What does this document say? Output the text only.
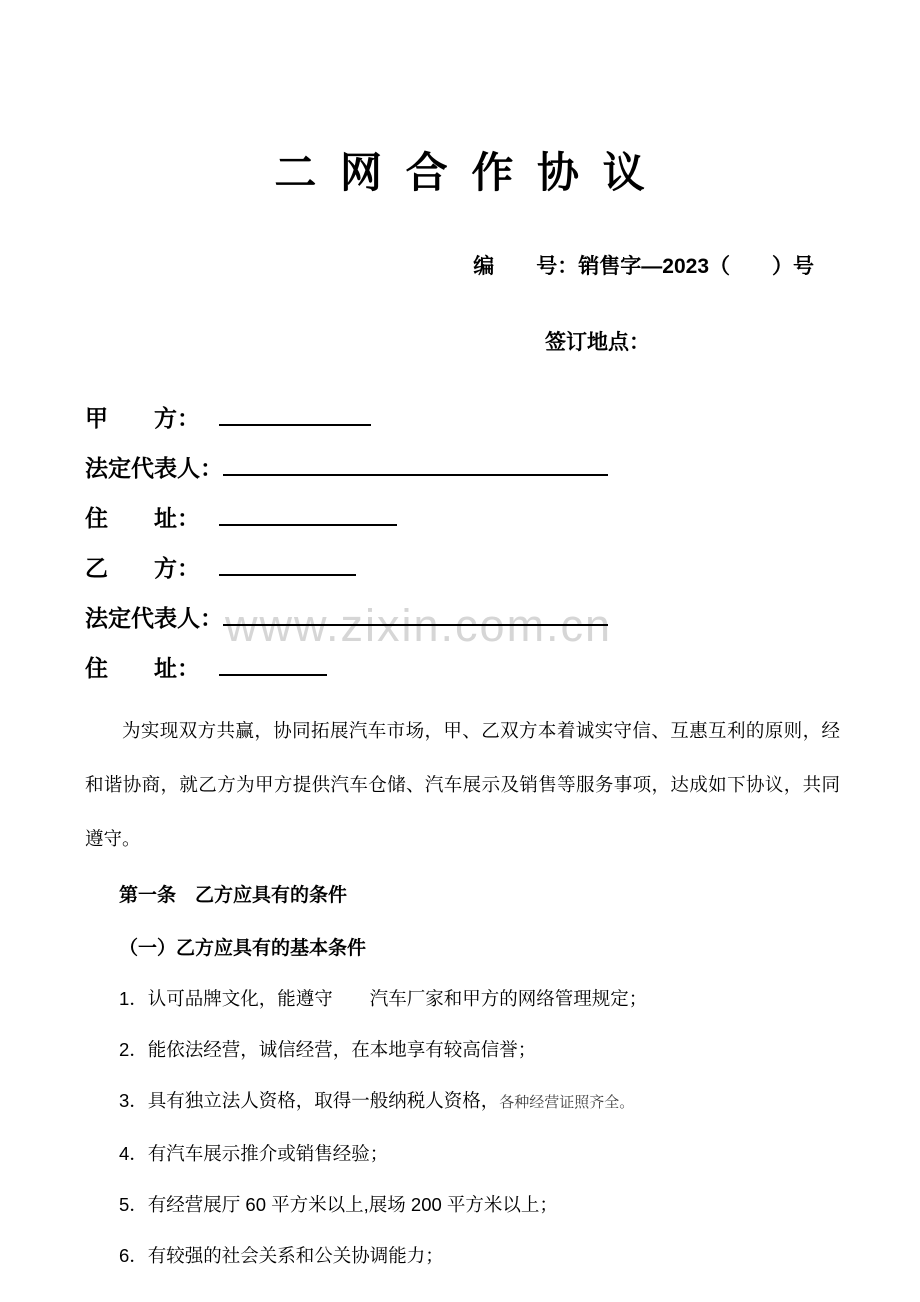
www.zixin.com.cn
二 网 合 作 协 议

编　　号：销售字—2023（　　）号

签订地点：

甲　　方：
法定代表人：
住　　址：
乙　　方：
法定代表人：
住　　址：

为实现双方共赢，协同拓展汽车市场，甲、乙双方本着诚实守信、互惠互利的原则，经和谐协商，就乙方为甲方提供汽车仓储、汽车展示及销售等服务事项，达成如下协议，共同遵守。

第一条　乙方应具有的条件

（一）乙方应具有的基本条件

1．认可品牌文化，能遵守　　汽车厂家和甲方的网络管理规定；

2．能依法经营，诚信经营，在本地享有较高信誉；

3．具有独立法人资格，取得一般纳税人资格，各种经营证照齐全。

4．有汽车展示推介或销售经验；

5．有经营展厅 60 平方米以上,展场 200 平方米以上；

6．有较强的社会关系和公关协调能力；
